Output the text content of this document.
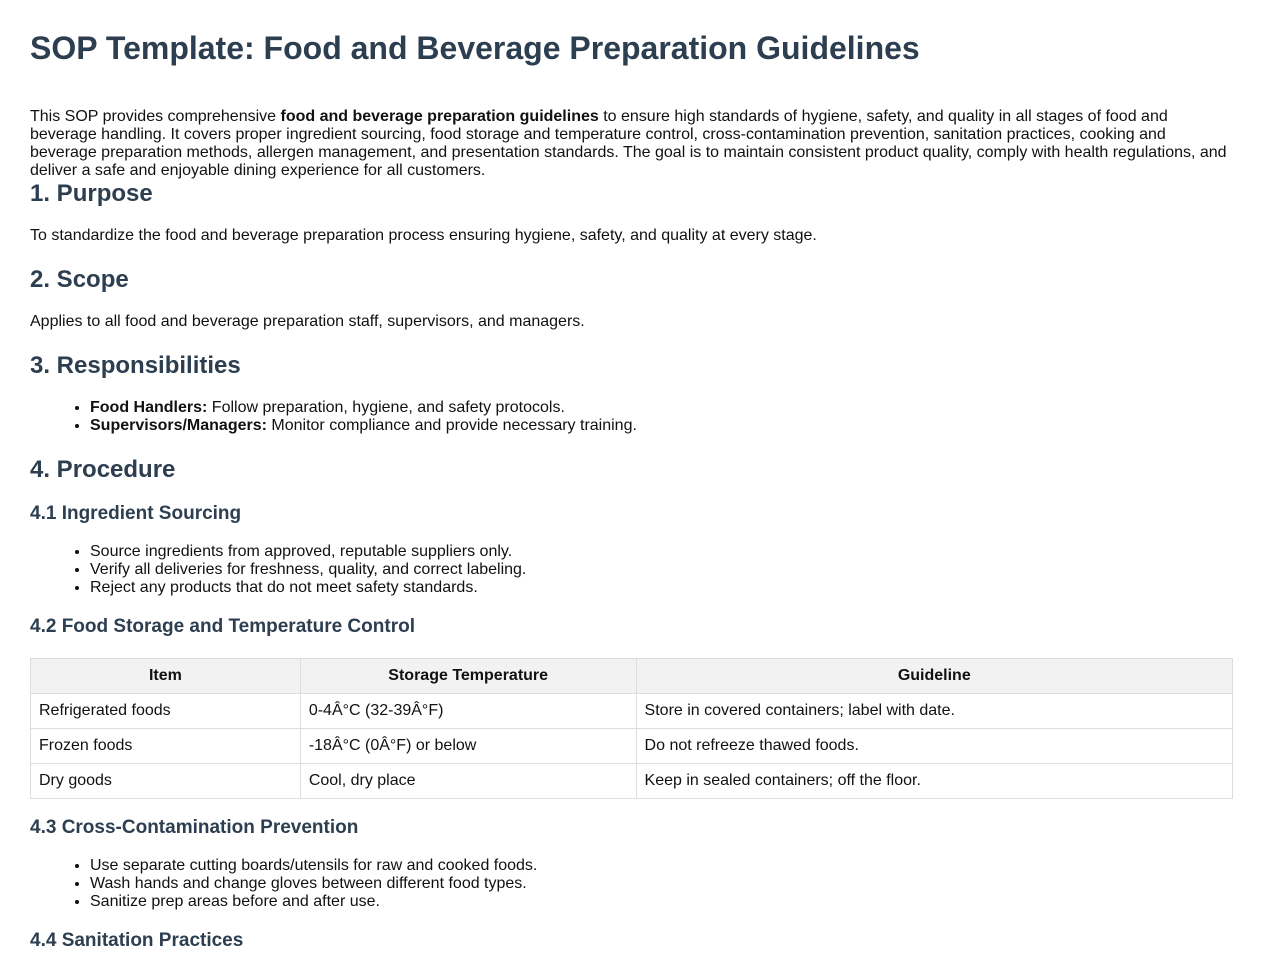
SOP Template: Food and Beverage Preparation Guidelines

This SOP provides comprehensive food and beverage preparation guidelines to ensure high standards of hygiene, safety, and quality in all stages of food and beverage handling. It covers proper ingredient sourcing, food storage and temperature control, cross-contamination prevention, sanitation practices, cooking and beverage preparation methods, allergen management, and presentation standards. The goal is to maintain consistent product quality, comply with health regulations, and deliver a safe and enjoyable dining experience for all customers.

1. Purpose

To standardize the food and beverage preparation process ensuring hygiene, safety, and quality at every stage.

2. Scope

Applies to all food and beverage preparation staff, supervisors, and managers.

3. Responsibilities
• Food Handlers: Follow preparation, hygiene, and safety protocols.
• Supervisors/Managers: Monitor compliance and provide necessary training.
4. Procedure
4.1 Ingredient Sourcing
• Source ingredients from approved, reputable suppliers only.
• Verify all deliveries for freshness, quality, and correct labeling.
• Reject any products that do not meet safety standards.
4.2 Food Storage and Temperature Control
Item	Storage Temperature	Guideline
Refrigerated foods	0-4Â°C (32-39Â°F)	Store in covered containers; label with date.
Frozen foods	-18Â°C (0Â°F) or below	Do not refreeze thawed foods.
Dry goods	Cool, dry place	Keep in sealed containers; off the floor.
4.3 Cross-Contamination Prevention
• Use separate cutting boards/utensils for raw and cooked foods.
• Wash hands and change gloves between different food types.
• Sanitize prep areas before and after use.
4.4 Sanitation Practices
